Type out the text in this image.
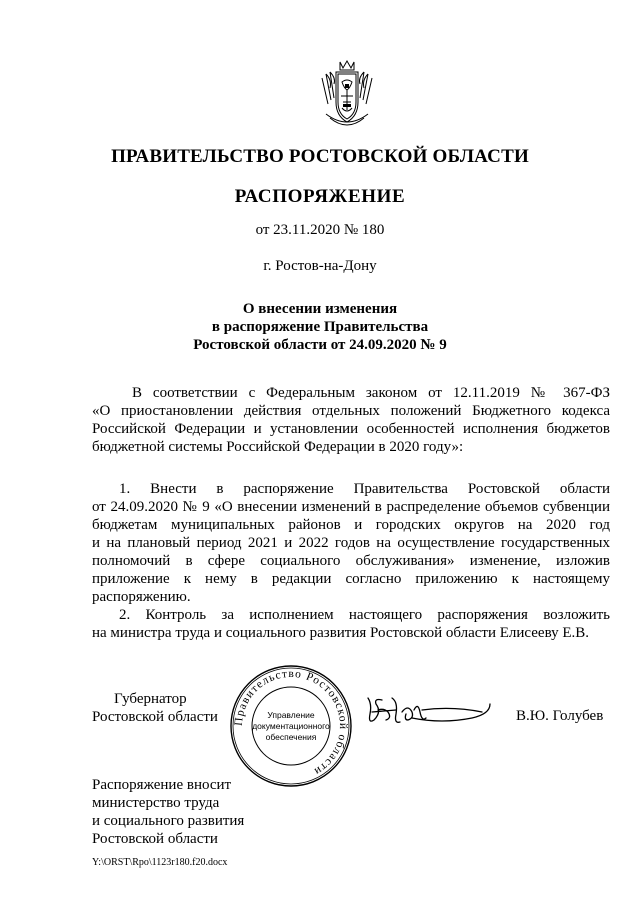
ПРАВИТЕЛЬСТВО РОСТОВСКОЙ ОБЛАСТИ
РАСПОРЯЖЕНИЕ
от 23.11.2020 № 180
г. Ростов-на-Дону
О внесении изменения
в распоряжение Правительства
Ростовской области от 24.09.2020 № 9
В соответствии с Федеральным законом от 12.11.2019 № 367-ФЗ
«О приостановлении действия отдельных положений Бюджетного кодекса
Российской Федерации и установлении особенностей исполнения бюджетов
бюджетной системы Российской Федерации в 2020 году»:
1. Внести в распоряжение Правительства Ростовской области
от 24.09.2020 № 9 «О внесении изменений в распределение объемов субвенции
бюджетам муниципальных районов и городских округов на 2020 год
и на плановый период 2021 и 2022 годов на осуществление государственных
полномочий в сфере социального обслуживания» изменение, изложив
приложение к нему в редакции согласно приложению к настоящему
распоряжению.
2. Контроль за исполнением настоящего распоряжения возложить
на министра труда и социального развития Ростовской области Елисееву Е.В.
Губернатор
Ростовской области Правительство Ростовской области
Управление
документационного
обеспечения
В.Ю. Голубев
Распоряжение вносит
министерство труда
и социального развития
Ростовской области
Y:\ORST\Rpo\1123r180.f20.docx
